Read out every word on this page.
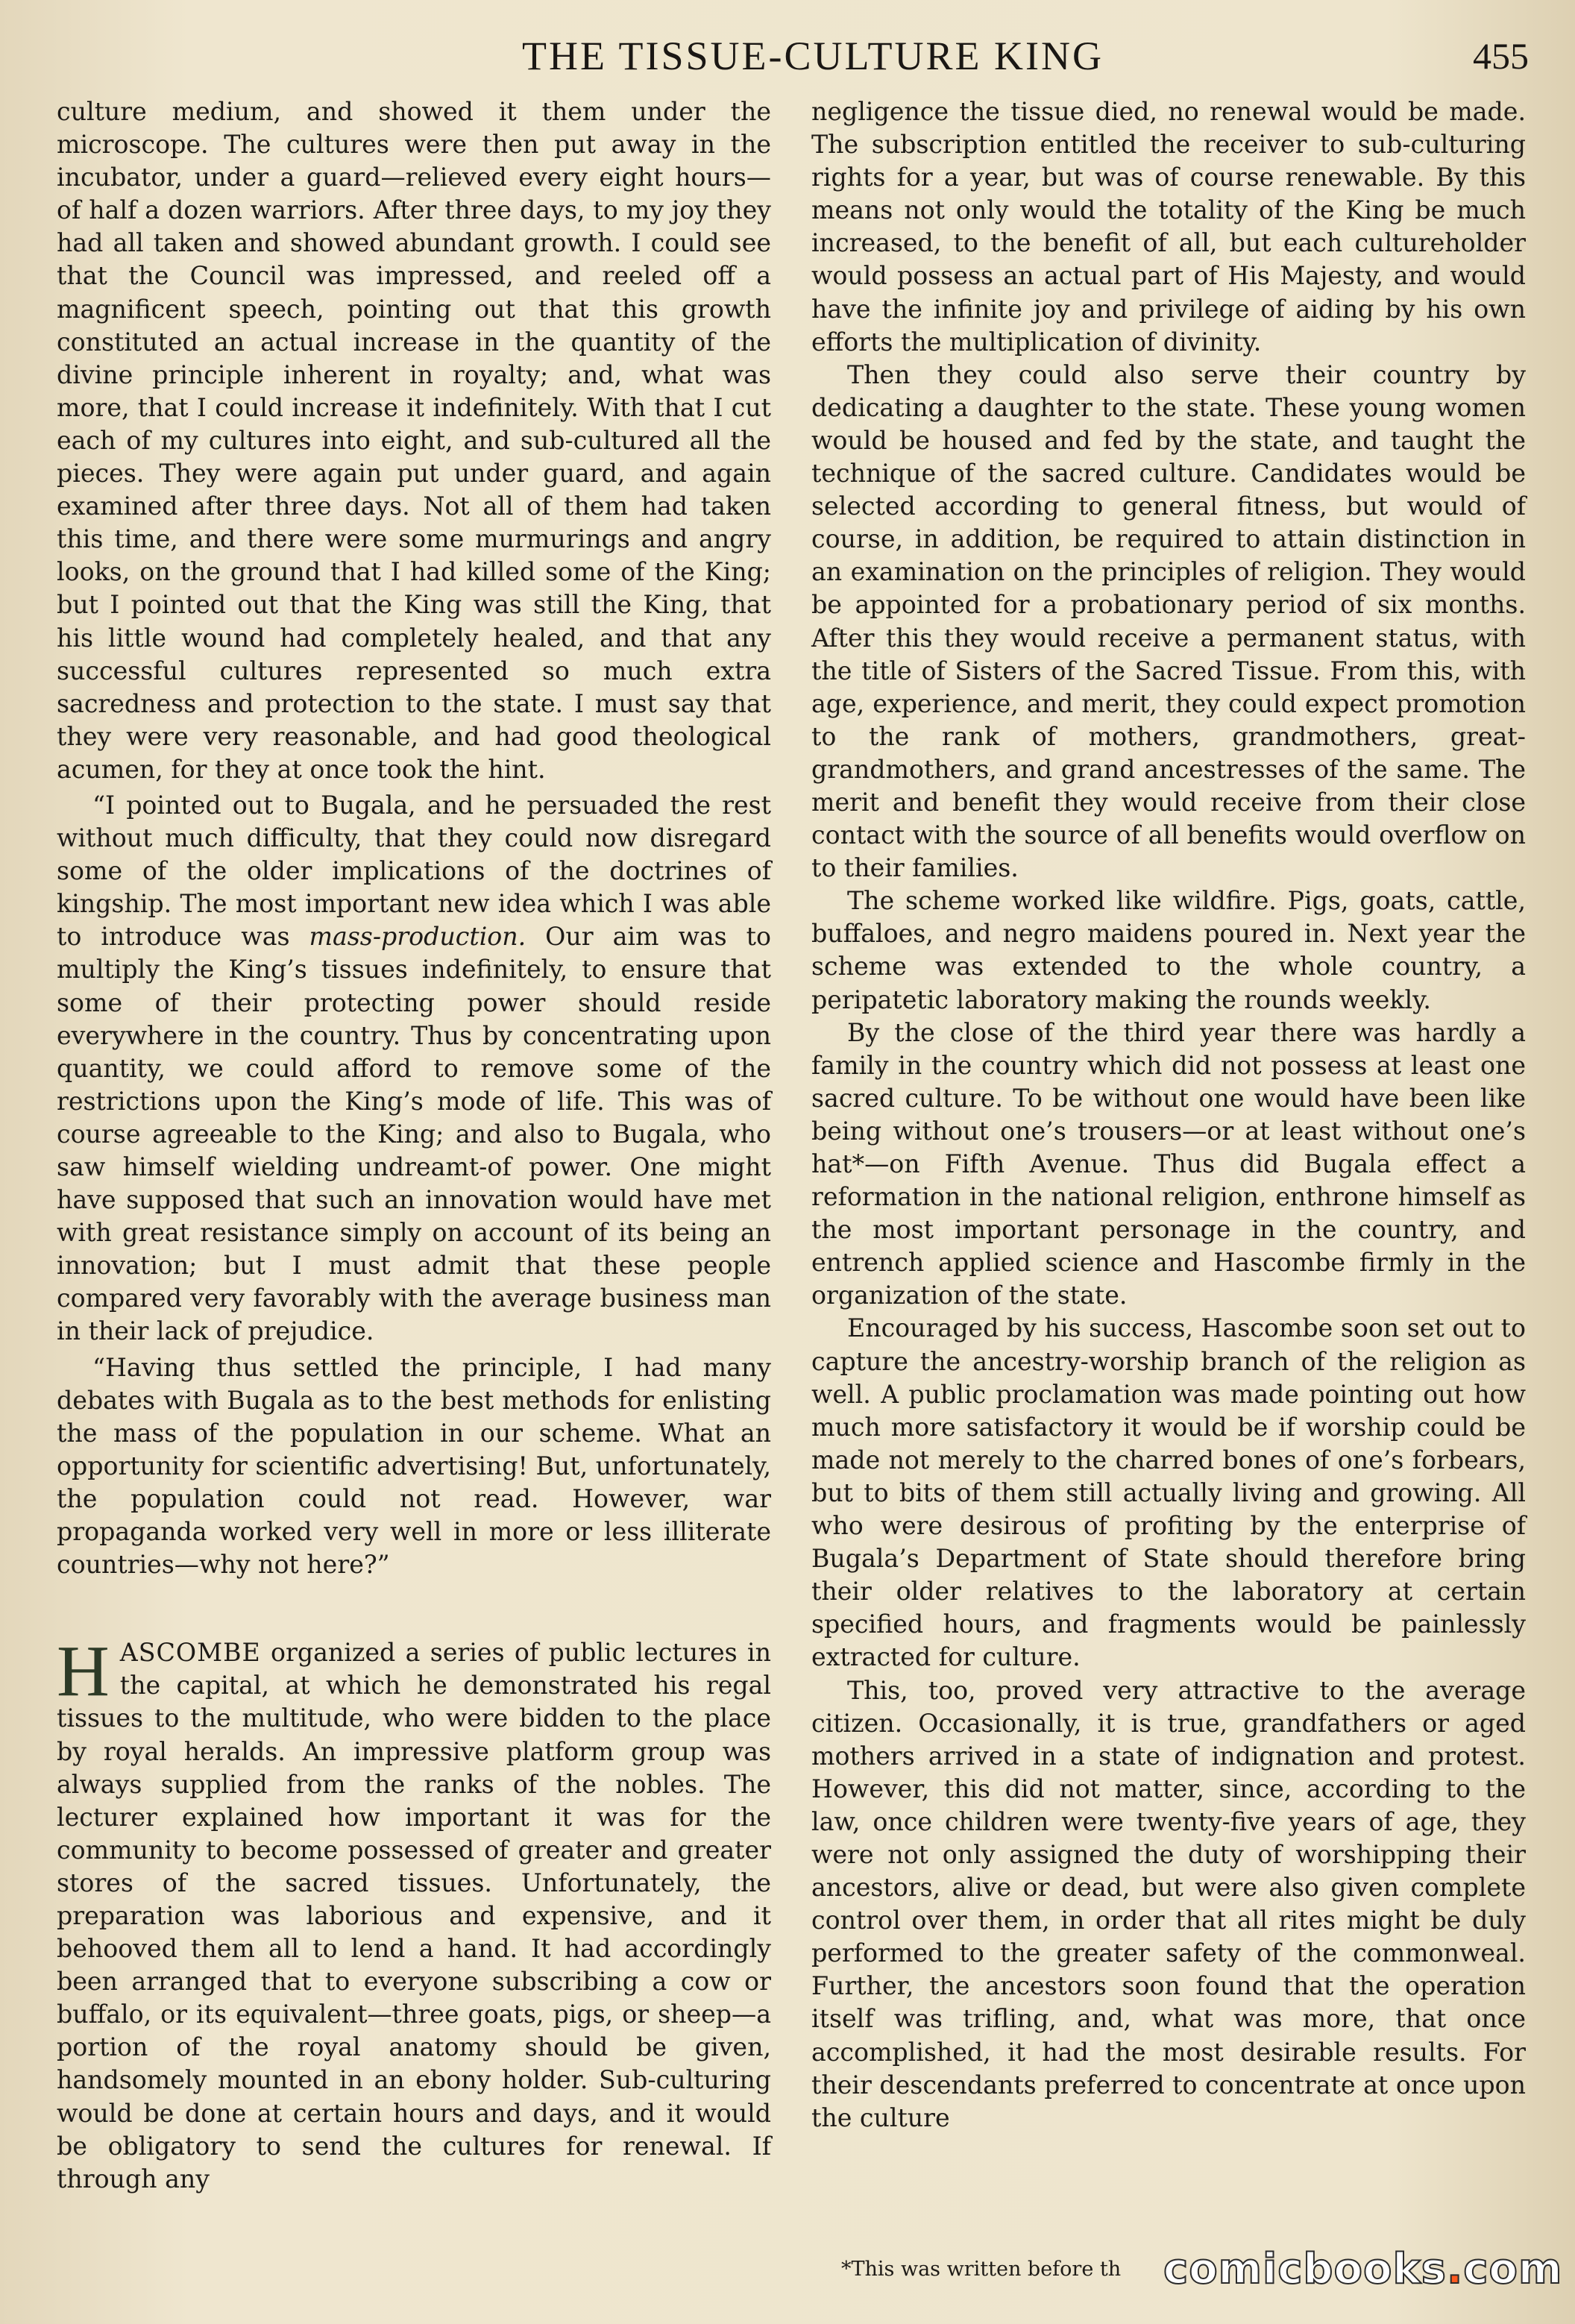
THE TISSUE-CULTURE KING	455

culture medium, and showed it them under the microscope. The cultures were then put away in the incubator, under a guard—relieved every eight hours—of half a dozen warriors. After three days, to my joy they had all taken and showed abundant growth. I could see that the Council was impressed, and reeled off a magnificent speech, pointing out that this growth constituted an actual increase in the quantity of the divine principle inherent in royalty; and, what was more, that I could increase it indefinitely. With that I cut each of my cultures into eight, and sub-cultured all the pieces. They were again put under guard, and again examined after three days. Not all of them had taken this time, and there were some murmurings and angry looks, on the ground that I had killed some of the King; but I pointed out that the King was still the King, that his little wound had completely healed, and that any successful cultures represented so much extra sacredness and protection to the state. I must say that they were very reasonable, and had good theological acumen, for they at once took the hint.

“I pointed out to Bugala, and he persuaded the rest without much difficulty, that they could now disregard some of the older implications of the doctrines of kingship. The most important new idea which I was able to introduce was mass-production. Our aim was to multiply the King’s tissues indefinitely, to ensure that some of their protecting power should reside everywhere in the country. Thus by concentrating upon quantity, we could afford to remove some of the restrictions upon the King’s mode of life. This was of course agreeable to the King; and also to Bugala, who saw himself wielding undreamt-of power. One might have supposed that such an innovation would have met with great resistance simply on account of its being an innovation; but I must admit that these people compared very favorably with the average business man in their lack of prejudice.

“Having thus settled the principle, I had many debates with Bugala as to the best methods for enlisting the mass of the population in our scheme. What an opportunity for scientific advertising! But, unfortunately, the population could not read. However, war propaganda worked very well in more or less illiterate countries—why not here?”

HASCOMBE organized a series of public lectures in the capital, at which he demonstrated his regal tissues to the multitude, who were bidden to the place by royal heralds. An impressive platform group was always supplied from the ranks of the nobles. The lecturer explained how important it was for the community to become possessed of greater and greater stores of the sacred tissues. Unfortunately, the preparation was laborious and expensive, and it behooved them all to lend a hand. It had accordingly been arranged that to everyone subscribing a cow or buffalo, or its equivalent—three goats, pigs, or sheep—a portion of the royal anatomy should be given, handsomely mounted in an ebony holder. Sub-culturing would be done at certain hours and days, and it would be obligatory to send the cultures for renewal. If through any

negligence the tissue died, no renewal would be made. The subscription entitled the receiver to sub-culturing rights for a year, but was of course renewable. By this means not only would the totality of the King be much increased, to the benefit of all, but each cultureholder would possess an actual part of His Majesty, and would have the infinite joy and privilege of aiding by his own efforts the multiplication of divinity.

Then they could also serve their country by dedicating a daughter to the state. These young women would be housed and fed by the state, and taught the technique of the sacred culture. Candidates would be selected according to general fitness, but would of course, in addition, be required to attain distinction in an examination on the principles of religion. They would be appointed for a probationary period of six months. After this they would receive a permanent status, with the title of Sisters of the Sacred Tissue. From this, with age, experience, and merit, they could expect promotion to the rank of mothers, grandmothers, great-grandmothers, and grand ancestresses of the same. The merit and benefit they would receive from their close contact with the source of all benefits would overflow on to their families.

The scheme worked like wildfire. Pigs, goats, cattle, buffaloes, and negro maidens poured in. Next year the scheme was extended to the whole country, a peripatetic laboratory making the rounds weekly.

By the close of the third year there was hardly a family in the country which did not possess at least one sacred culture. To be without one would have been like being without one’s trousers—or at least without one’s hat*—on Fifth Avenue. Thus did Bugala effect a reformation in the national religion, enthrone himself as the most important personage in the country, and entrench applied science and Hascombe firmly in the organization of the state.

Encouraged by his success, Hascombe soon set out to capture the ancestry-worship branch of the religion as well. A public proclamation was made pointing out how much more satisfactory it would be if worship could be made not merely to the charred bones of one’s forbears, but to bits of them still actually living and growing. All who were desirous of profiting by the enterprise of Bugala’s Department of State should therefore bring their older relatives to the laboratory at certain specified hours, and fragments would be painlessly extracted for culture.

This, too, proved very attractive to the average citizen. Occasionally, it is true, grandfathers or aged mothers arrived in a state of indignation and protest. However, this did not matter, since, according to the law, once children were twenty-five years of age, they were not only assigned the duty of worshipping their ancestors, alive or dead, but were also given complete control over them, in order that all rites might be duly performed to the greater safety of the commonweal. Further, the ancestors soon found that the operation itself was trifling, and, what was more, that once accomplished, it had the most desirable results. For their descendants preferred to concentrate at once upon the culture

*This was written before th	comicbooks.com
